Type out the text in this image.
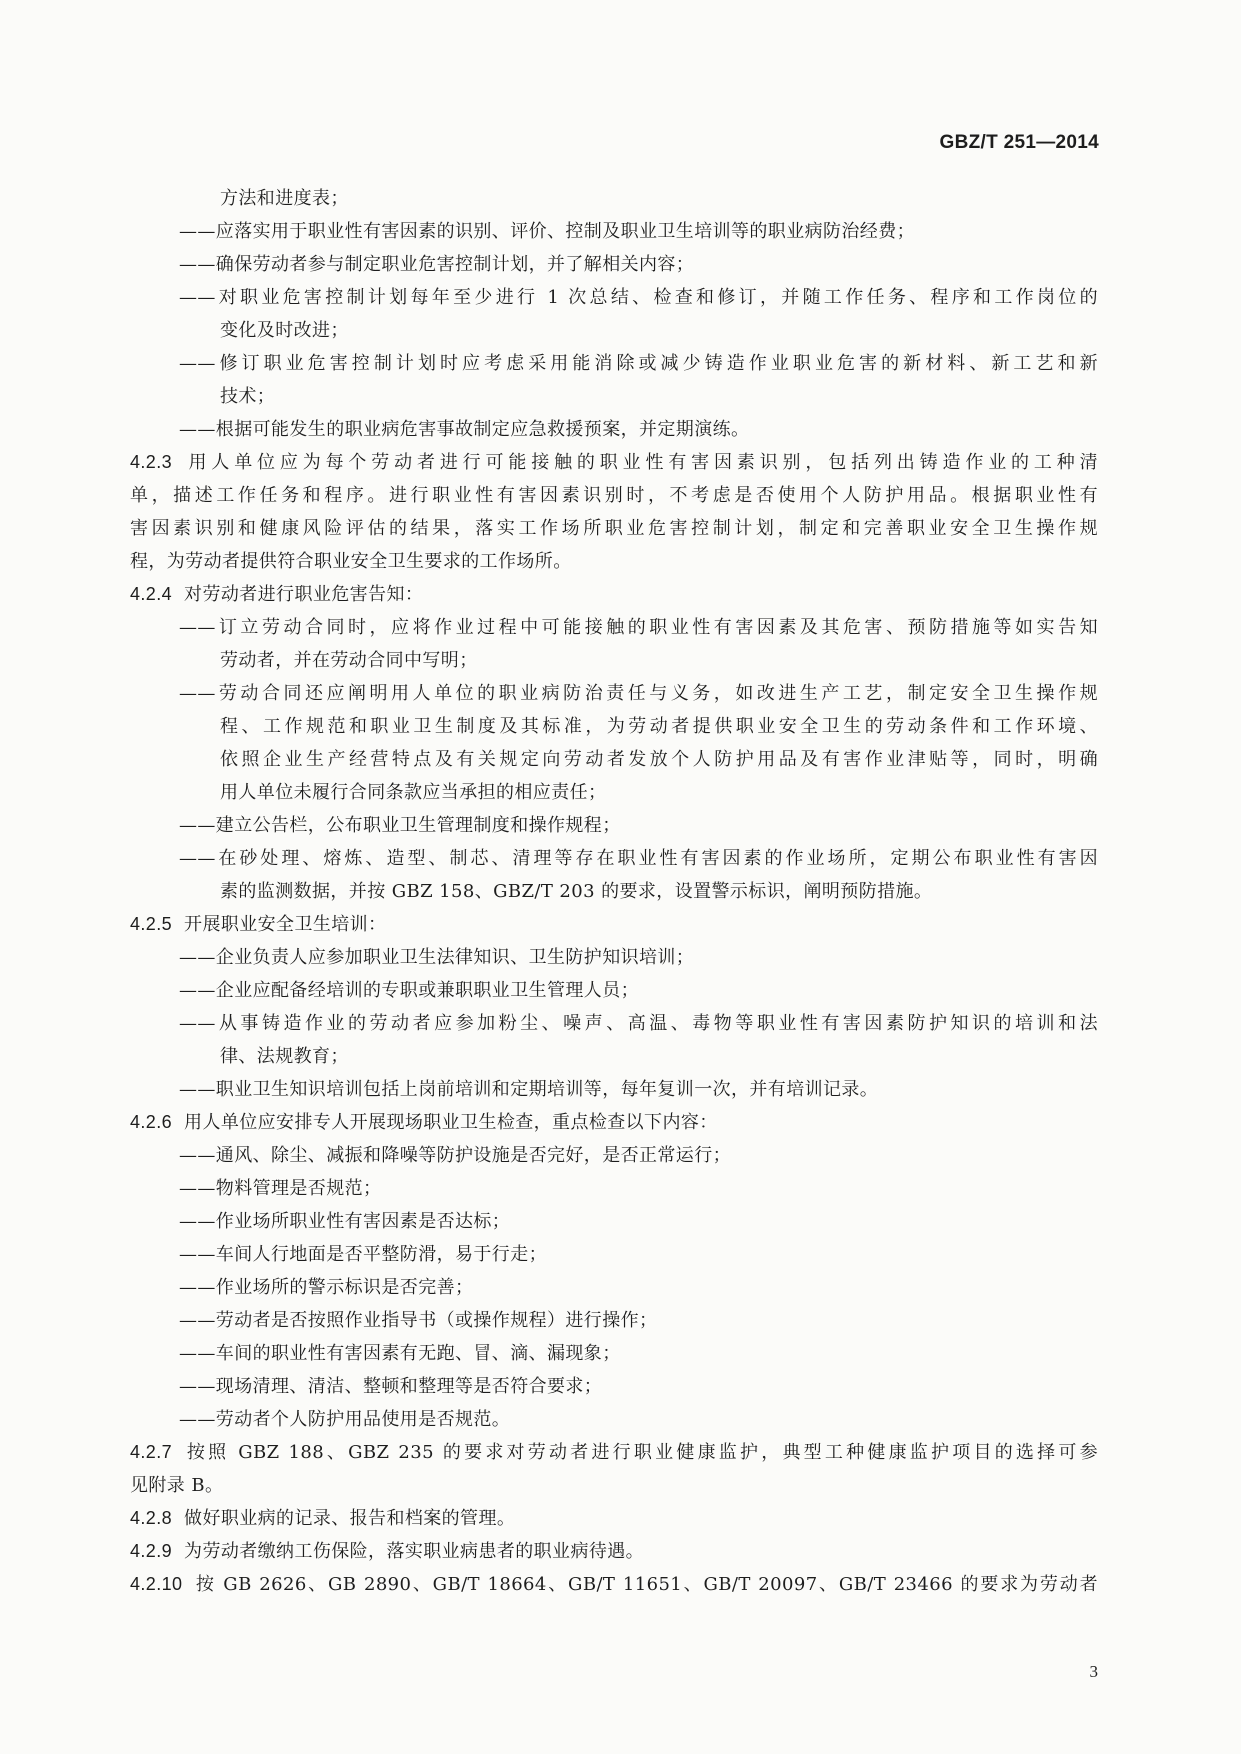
GBZ/T 251—2014
方法和进度表；
——应落实用于职业性有害因素的识别、评价、控制及职业卫生培训等的职业病防治经费；
——确保劳动者参与制定职业危害控制计划，并了解相关内容；
——对职业危害控制计划每年至少进行 1 次总结、检查和修订，并随工作任务、程序和工作岗位的
变化及时改进；
——修订职业危害控制计划时应考虑采用能消除或减少铸造作业职业危害的新材料、新工艺和新
技术；
——根据可能发生的职业病危害事故制定应急救援预案，并定期演练。
4.2.3 用人单位应为每个劳动者进行可能接触的职业性有害因素识别，包括列出铸造作业的工种清
单，描述工作任务和程序。进行职业性有害因素识别时，不考虑是否使用个人防护用品。根据职业性有
害因素识别和健康风险评估的结果，落实工作场所职业危害控制计划，制定和完善职业安全卫生操作规
程，为劳动者提供符合职业安全卫生要求的工作场所。
4.2.4 对劳动者进行职业危害告知：
——订立劳动合同时，应将作业过程中可能接触的职业性有害因素及其危害、预防措施等如实告知
劳动者，并在劳动合同中写明；
——劳动合同还应阐明用人单位的职业病防治责任与义务，如改进生产工艺，制定安全卫生操作规
程、工作规范和职业卫生制度及其标准，为劳动者提供职业安全卫生的劳动条件和工作环境、
依照企业生产经营特点及有关规定向劳动者发放个人防护用品及有害作业津贴等，同时，明确
用人单位未履行合同条款应当承担的相应责任；
——建立公告栏，公布职业卫生管理制度和操作规程；
——在砂处理、熔炼、造型、制芯、清理等存在职业性有害因素的作业场所，定期公布职业性有害因
素的监测数据，并按 GBZ 158、GBZ/T 203 的要求，设置警示标识，阐明预防措施。
4.2.5 开展职业安全卫生培训：
——企业负责人应参加职业卫生法律知识、卫生防护知识培训；
——企业应配备经培训的专职或兼职职业卫生管理人员；
——从事铸造作业的劳动者应参加粉尘、噪声、高温、毒物等职业性有害因素防护知识的培训和法
律、法规教育；
——职业卫生知识培训包括上岗前培训和定期培训等，每年复训一次，并有培训记录。
4.2.6 用人单位应安排专人开展现场职业卫生检查，重点检查以下内容：
——通风、除尘、减振和降噪等防护设施是否完好，是否正常运行；
——物料管理是否规范；
——作业场所职业性有害因素是否达标；
——车间人行地面是否平整防滑，易于行走；
——作业场所的警示标识是否完善；
——劳动者是否按照作业指导书（或操作规程）进行操作；
——车间的职业性有害因素有无跑、冒、滴、漏现象；
——现场清理、清洁、整顿和整理等是否符合要求；
——劳动者个人防护用品使用是否规范。
4.2.7 按照 GBZ 188、GBZ 235 的要求对劳动者进行职业健康监护，典型工种健康监护项目的选择可参
见附录 B。
4.2.8 做好职业病的记录、报告和档案的管理。
4.2.9 为劳动者缴纳工伤保险，落实职业病患者的职业病待遇。
4.2.10 按 GB 2626、GB 2890、GB/T 18664、GB/T 11651、GB/T 20097、GB/T 23466 的要求为劳动者
3
